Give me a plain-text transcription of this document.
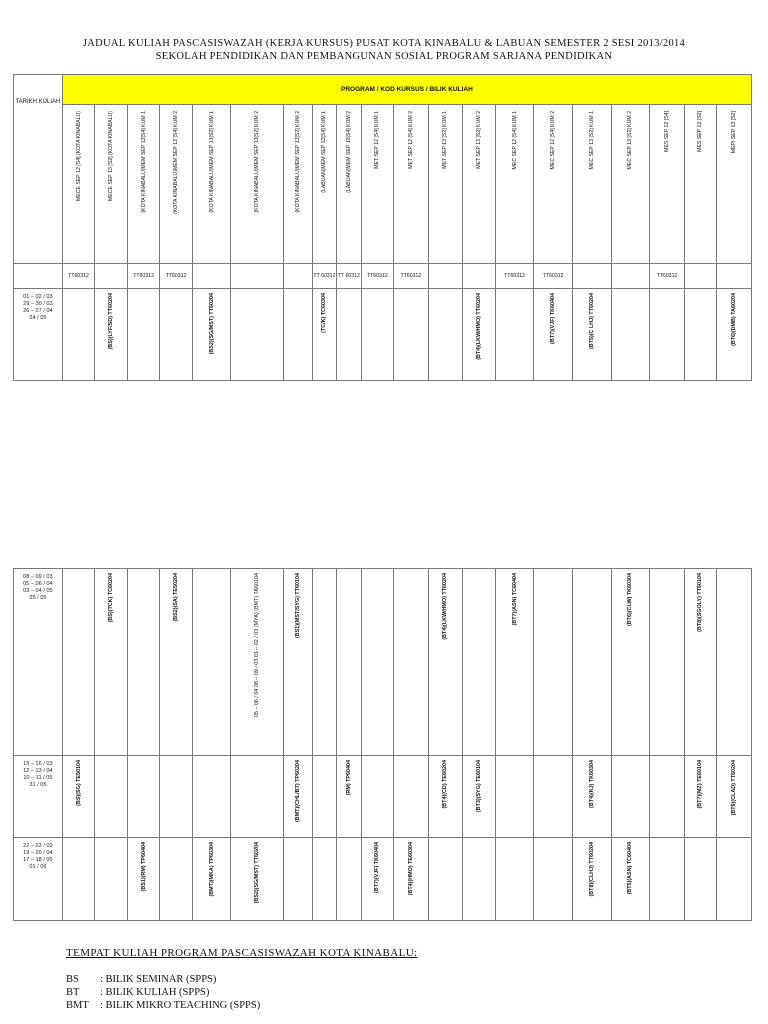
JADUAL KULIAH PASCASISWAZAH (KERJA KURSUS) PUSAT KOTA KINABALU & LABUAN SEMESTER 2 SESI 2013/2014
SEKOLAH PENDIDIKAN DAN PEMBANGUNAN SOSIAL PROGRAM SARJANA PENDIDIKAN
TARIKH KULIAH	PROGRAM / KOD KURSUS / BILIK KULIAH																			

	MECE SEP 12 [S4] (KOTA KINABALU)	MECE SEP 13 [S2] (KOTA KINABALU)	(KOTA KINABALU)MEM SEP 12[S4] KUM 1	(KOTA KINABALU)MEM SEP 12 [S4] KUM 2	(KOTA KINABALU)MEM SEP 13[S2] KUM 1	(KOTA KINABALU)MEM SEP 13[S2] KUM 2	(KOTA KINABALU)MEM SEP 13[S2] KUM 2	(LABUAN)MEM SEP 12[S4] KUM 1	(LABUAN)MEM SEP 12[S4] KUM 2	MET SEP 12 [S4] KUM 1	MET SEP 12 [S4] KUM 2	MET SEP 13 [S2] KUM 1	MET SEP 13 [S2] KUM 2	MEC SEP 12 [S4] KUM 1	MEC SEP 12 [S4] KUM 2	MEC SEP 13 [S2] KUM 1	MEC SEP 13 [S2] KUM 2	MES SEP 12 [S4]	MES SEP 13 [S2]	MEPI SEP 13 [S2]

	TT60312		TT60312	TT60312				TT 60312	TT 60312	TT60312	TT60312			TT60312	TT60312			TT60312		
01 – 02 / 03
29 – 30 / 03
26 – 27 / 04
24 / 05		(BS)(LYF/SD) TT60204			(BS2)(SG/MST) TT60204			(TC/K) TC60304					(BT4)(LKW/HMO) TT60204		(BT7)(VJF) TK60404	(BT5)(C LHJ) TT60204				(BT6)(DMB) TA60204
08 – 09 / 03
05 – 06 / 04
03 – 04 / 05
25 / 05		(BS)(TCK) TC60204		(BS2)(SA) TE50204		05 – 06 / 04 08 – 09 / 03 01 – 02 / 03 (MYA) (BMT) TA60104	(BS1)(MST/SYG) TT60104					(BT4)(LKW/HMO) TT60204		(BT7)(ASN) TC60404			(BT6)(CLW) TK60304		(BT8)(SGOLY) TT60104	

15 – 16 / 03
12 – 13 / 04
10 – 11 / 05
31 / 05	(BS)(SG) TE50104						(BMT)(CHL/BT) TP60204		(RM) TP60404			(BT4)(CD) TE60204	(BT3)(SYG) TE60104			(BT4)(KJ) TK60304			(BT7)(MZ) TE60104	(BT6)(CLAD) TT60204

22 – 23 / 03
19 – 20 / 04
17 – 18 / 05
01 / 06			(BS1)(RM) TP60404		(BMT)(MKA) TP60304	(BS2)(SG/MST) TT60204				(BT7)(VJF) TK60404	(BT4)(HMO) TE60304					(BT8)(CLHJ) TT60204	(BT5)(ASN) TC60404			

TEMPAT KULIAH PROGRAM PASCASISWAZAH KOTA KINABALU:
BS : BILIK SEMINAR (SPPS)
BT : BILIK KULIAH (SPPS)
BMT : BILIK MIKRO TEACHING (SPPS)
